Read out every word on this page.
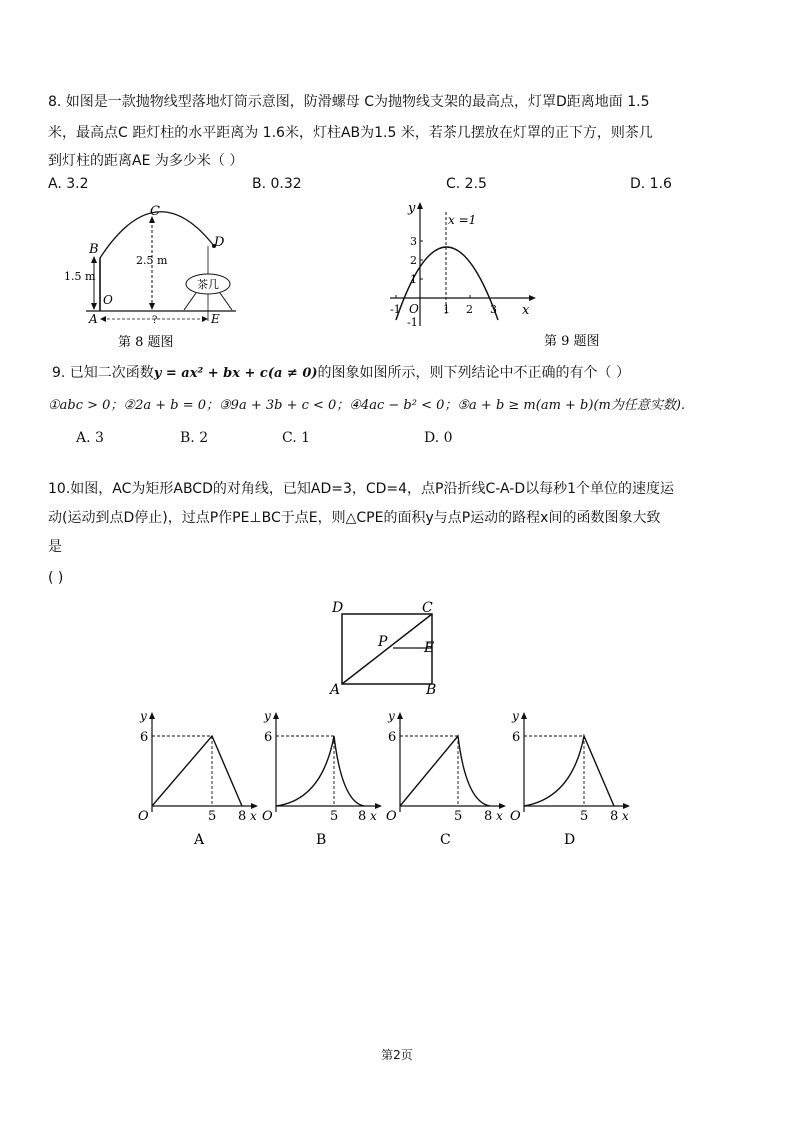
8. 如图是一款抛物线型落地灯筒示意图，防滑螺母 C为抛物线支架的最高点，灯罩D距离地面 1.5
米，最高点C 距灯柱的水平距离为 1.6米，灯柱AB为1.5 米，若茶几摆放在灯罩的正下方，则茶几
到灯柱的距离AE 为多少米（ ）
A. 3.2	B. 0.32	C. 2.5	D. 1.6
C
D
B
O
A	E
1.5 m
2.5 m
?
茶几
第 8 题图
y
x
x =1
O
-1	1 2 3
3
2
1
-1
第 9 题图
9. 已知二次函数y = ax² + bx + c(a ≠ 0)的图象如图所示，则下列结论中不正确的有个（ ）
①abc > 0；②2a + b = 0；③9a + 3b + c < 0；④4ac − b² < 0；⑤a + b ≥ m(am + b)(m为任意实数).
A. 3	B. 2	C. 1	D. 0
10.如图，AC为矩形ABCD的对角线，已知AD=3，CD=4，点P沿折线C-A-D以每秒1个单位的速度运
动(运动到点D停止)，过点P作PE⊥BC于点E，则△CPE的面积y与点P运动的路程x间的函数图象大致
是
( )
D	C
P	E
A	B
y
6
O	5 8 x
A
y
6
O	5 8 x
B
y
6
O	5 8 x
C
y
6
O	5 8 x
D
第2页
